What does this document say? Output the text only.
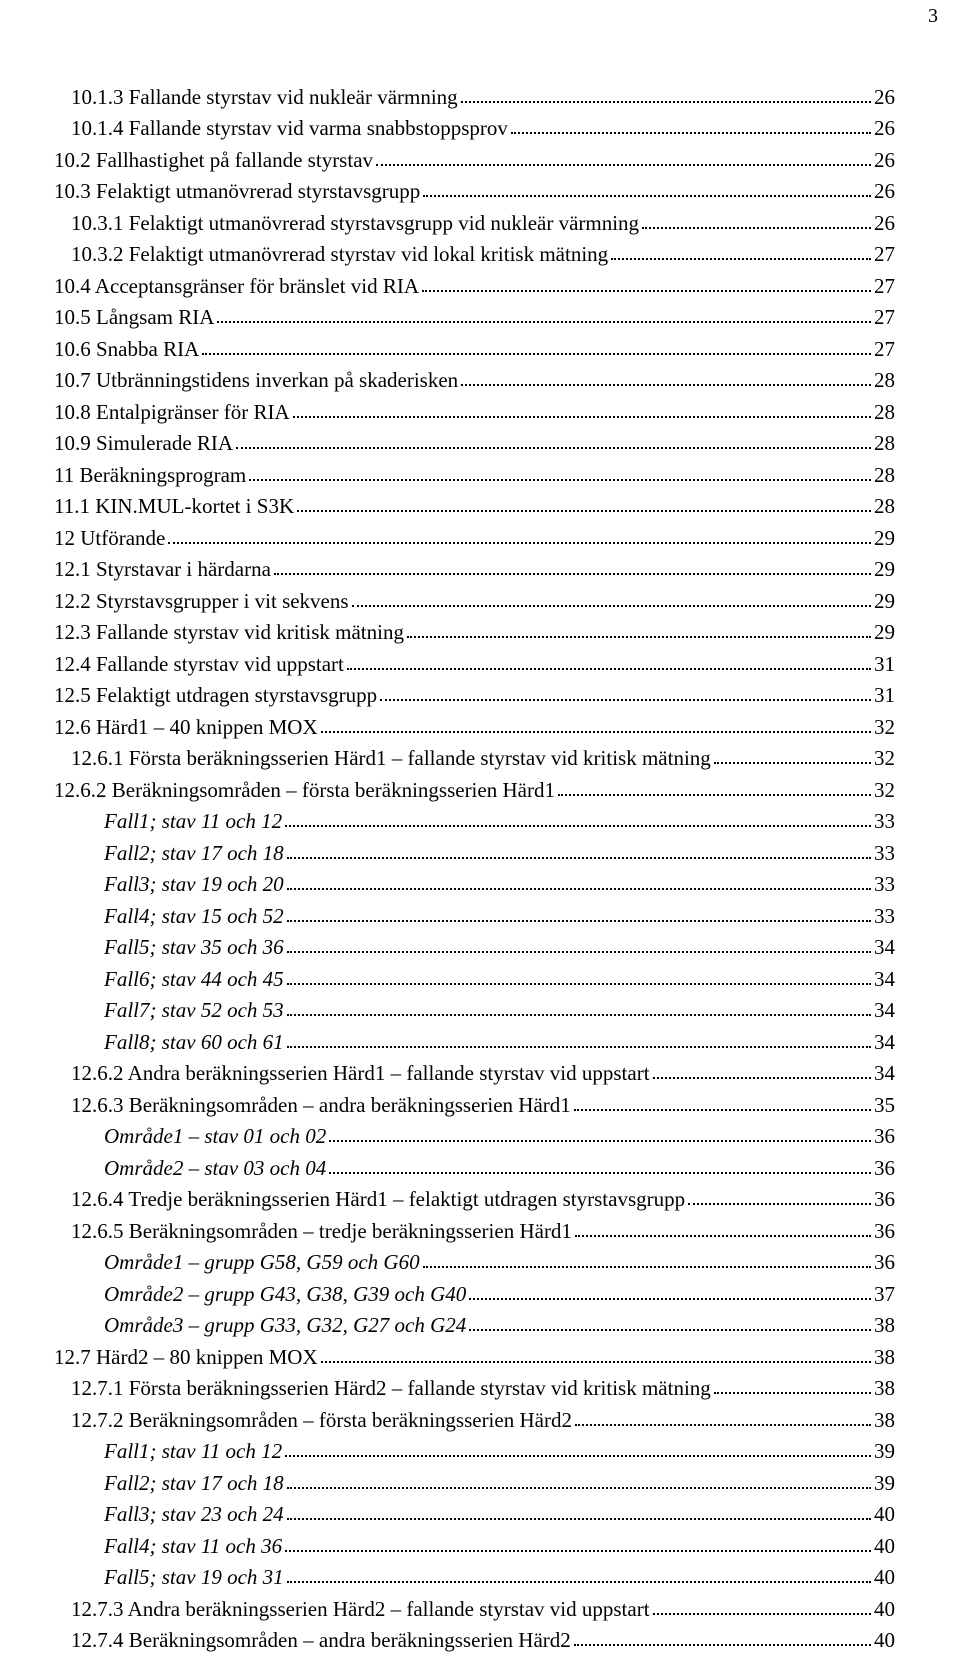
3
10.1.3 Fallande styrstav vid nukleär värmning	26
10.1.4 Fallande styrstav vid varma snabbstoppsprov	26
10.2 Fallhastighet på fallande styrstav	26
10.3 Felaktigt utmanövrerad styrstavsgrupp	26
10.3.1 Felaktigt utmanövrerad styrstavsgrupp vid nukleär värmning	26
10.3.2 Felaktigt utmanövrerad styrstav vid lokal kritisk mätning	27
10.4 Acceptansgränser för bränslet vid RIA	27
10.5 Långsam RIA	27
10.6 Snabba RIA	27
10.7 Utbränningstidens inverkan på skaderisken	28
10.8 Entalpigränser för RIA	28
10.9 Simulerade RIA	28
11 Beräkningsprogram	28
11.1 KIN.MUL-kortet i S3K	28
12 Utförande	29
12.1 Styrstavar i härdarna	29
12.2 Styrstavsgrupper i vit sekvens	29
12.3 Fallande styrstav vid kritisk mätning	29
12.4 Fallande styrstav vid uppstart	31
12.5 Felaktigt utdragen styrstavsgrupp	31
12.6 Härd1 – 40 knippen MOX	32
12.6.1 Första beräkningsserien Härd1 – fallande styrstav vid kritisk mätning	32
12.6.2 Beräkningsområden – första beräkningsserien Härd1	32
Fall1; stav 11 och 12	33
Fall2; stav 17 och 18	33
Fall3; stav 19 och 20	33
Fall4; stav 15 och 52	33
Fall5; stav 35 och 36	34
Fall6; stav 44 och 45	34
Fall7; stav 52 och 53	34
Fall8; stav 60 och 61	34
12.6.2 Andra beräkningsserien Härd1 – fallande styrstav vid uppstart	34
12.6.3 Beräkningsområden – andra beräkningsserien Härd1	35
Område1 – stav 01 och 02	36
Område2 – stav 03 och 04	36
12.6.4 Tredje beräkningsserien Härd1 – felaktigt utdragen styrstavsgrupp	36
12.6.5 Beräkningsområden – tredje beräkningsserien Härd1	36
Område1 – grupp G58, G59 och G60	36
Område2 – grupp G43, G38, G39 och G40	37
Område3 – grupp G33, G32, G27 och G24	38
12.7 Härd2 – 80 knippen MOX	38
12.7.1 Första beräkningsserien Härd2 – fallande styrstav vid kritisk mätning	38
12.7.2 Beräkningsområden – första beräkningsserien Härd2	38
Fall1; stav 11 och 12	39
Fall2; stav 17 och 18	39
Fall3; stav 23 och 24	40
Fall4; stav 11 och 36	40
Fall5; stav 19 och 31	40
12.7.3 Andra beräkningsserien Härd2 – fallande styrstav vid uppstart	40
12.7.4 Beräkningsområden – andra beräkningsserien Härd2	40
